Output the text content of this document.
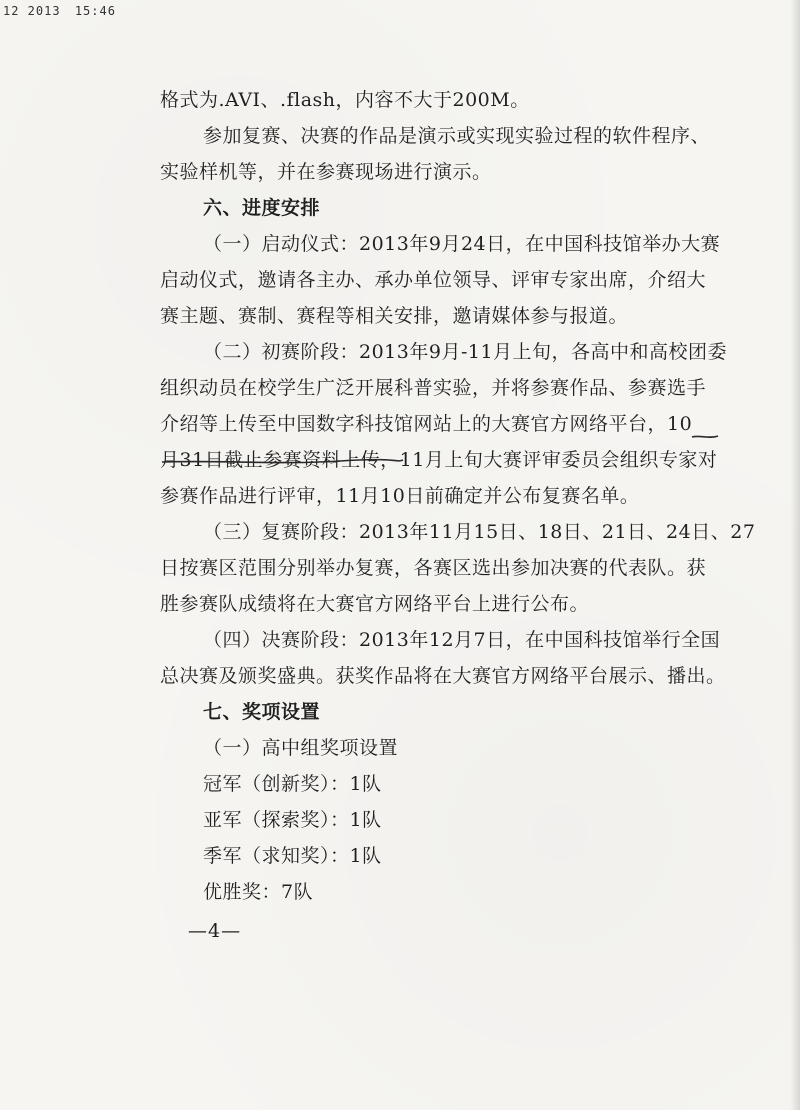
12 2013 15:46
格式为.AVI、.flash，内容不大于200M。
参加复赛、决赛的作品是演示或实现实验过程的软件程序、
实验样机等，并在参赛现场进行演示。
六、进度安排
（一）启动仪式：2013年9月24日，在中国科技馆举办大赛
启动仪式，邀请各主办、承办单位领导、评审专家出席，介绍大
赛主题、赛制、赛程等相关安排，邀请媒体参与报道。
（二）初赛阶段：2013年9月-11月上旬，各高中和高校团委
组织动员在校学生广泛开展科普实验，并将参赛作品、参赛选手
介绍等上传至中国数字科技馆网站上的大赛官方网络平台，10
月31日截止参赛资料上传，11月上旬大赛评审委员会组织专家对
参赛作品进行评审，11月10日前确定并公布复赛名单。
（三）复赛阶段：2013年11月15日、18日、21日、24日、27
日按赛区范围分别举办复赛，各赛区选出参加决赛的代表队。获
胜参赛队成绩将在大赛官方网络平台上进行公布。
（四）决赛阶段：2013年12月7日，在中国科技馆举行全国
总决赛及颁奖盛典。获奖作品将在大赛官方网络平台展示、播出。
七、奖项设置
（一）高中组奖项设置
冠军（创新奖）：1队
亚军（探索奖）：1队
季军（求知奖）：1队
优胜奖：7队
—4—
